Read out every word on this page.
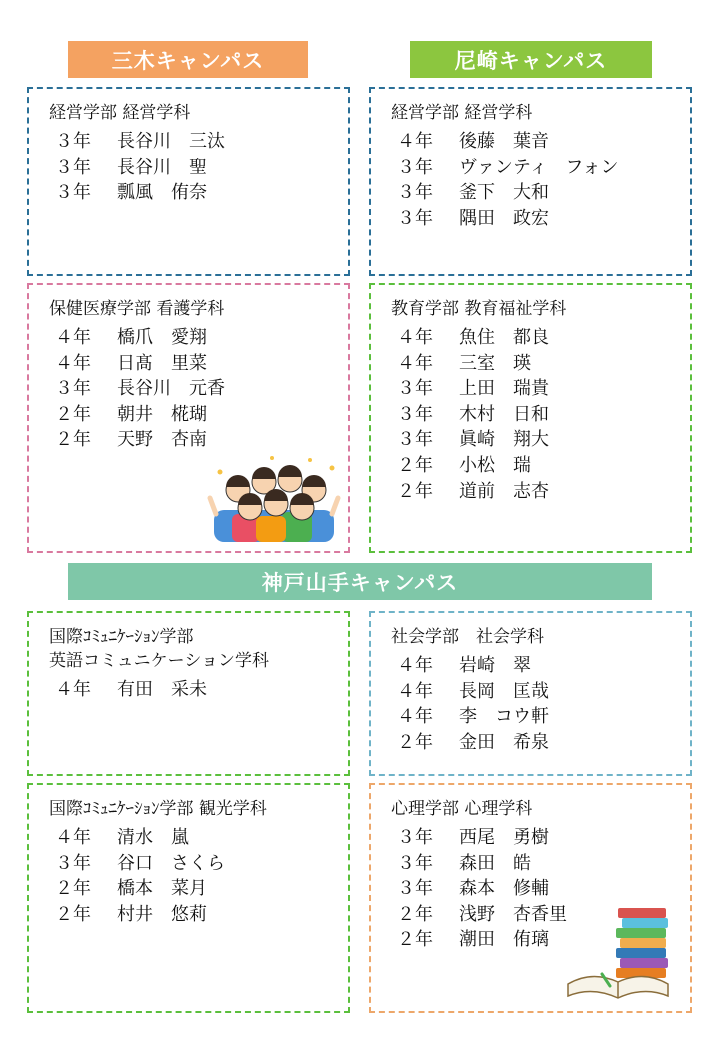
三木キャンパス	尼崎キャンパス
神戸山手キャンパス
経営学部 経営学科
３年	長谷川　三汰
３年	長谷川　聖
３年	瓢風　侑奈
保健医療学部 看護学科
４年	橋爪　愛翔
４年	日髙　里菜
３年	長谷川　元香
２年	朝井　椛瑚
２年	天野　杏南
経営学部 経営学科
４年	後藤　葉音
３年	ヴァンティ　フォン
３年	釜下　大和
３年	隅田　政宏
教育学部 教育福祉学科
４年	魚住　都良
４年	三室　瑛
３年	上田　瑞貴
３年	木村　日和
３年	眞崎　翔大
２年	小松　瑞
２年	道前　志杏
国際ｺﾐｭﾆｹｰｼｮﾝ学部
英語コミュニケーション学科
４年	有田　采未
社会学部　社会学科
４年	岩崎　翠
４年	長岡　匡哉
４年	李　コウ軒
２年	金田　希泉
国際ｺﾐｭﾆｹｰｼｮﾝ学部 観光学科
４年	清水　嵐
３年	谷口　さくら
２年	橋本　菜月
２年	村井　悠莉
心理学部 心理学科
３年	西尾　勇樹
３年	森田　皓
３年	森本　修輔
２年	浅野　杏香里
２年	潮田　侑璃
